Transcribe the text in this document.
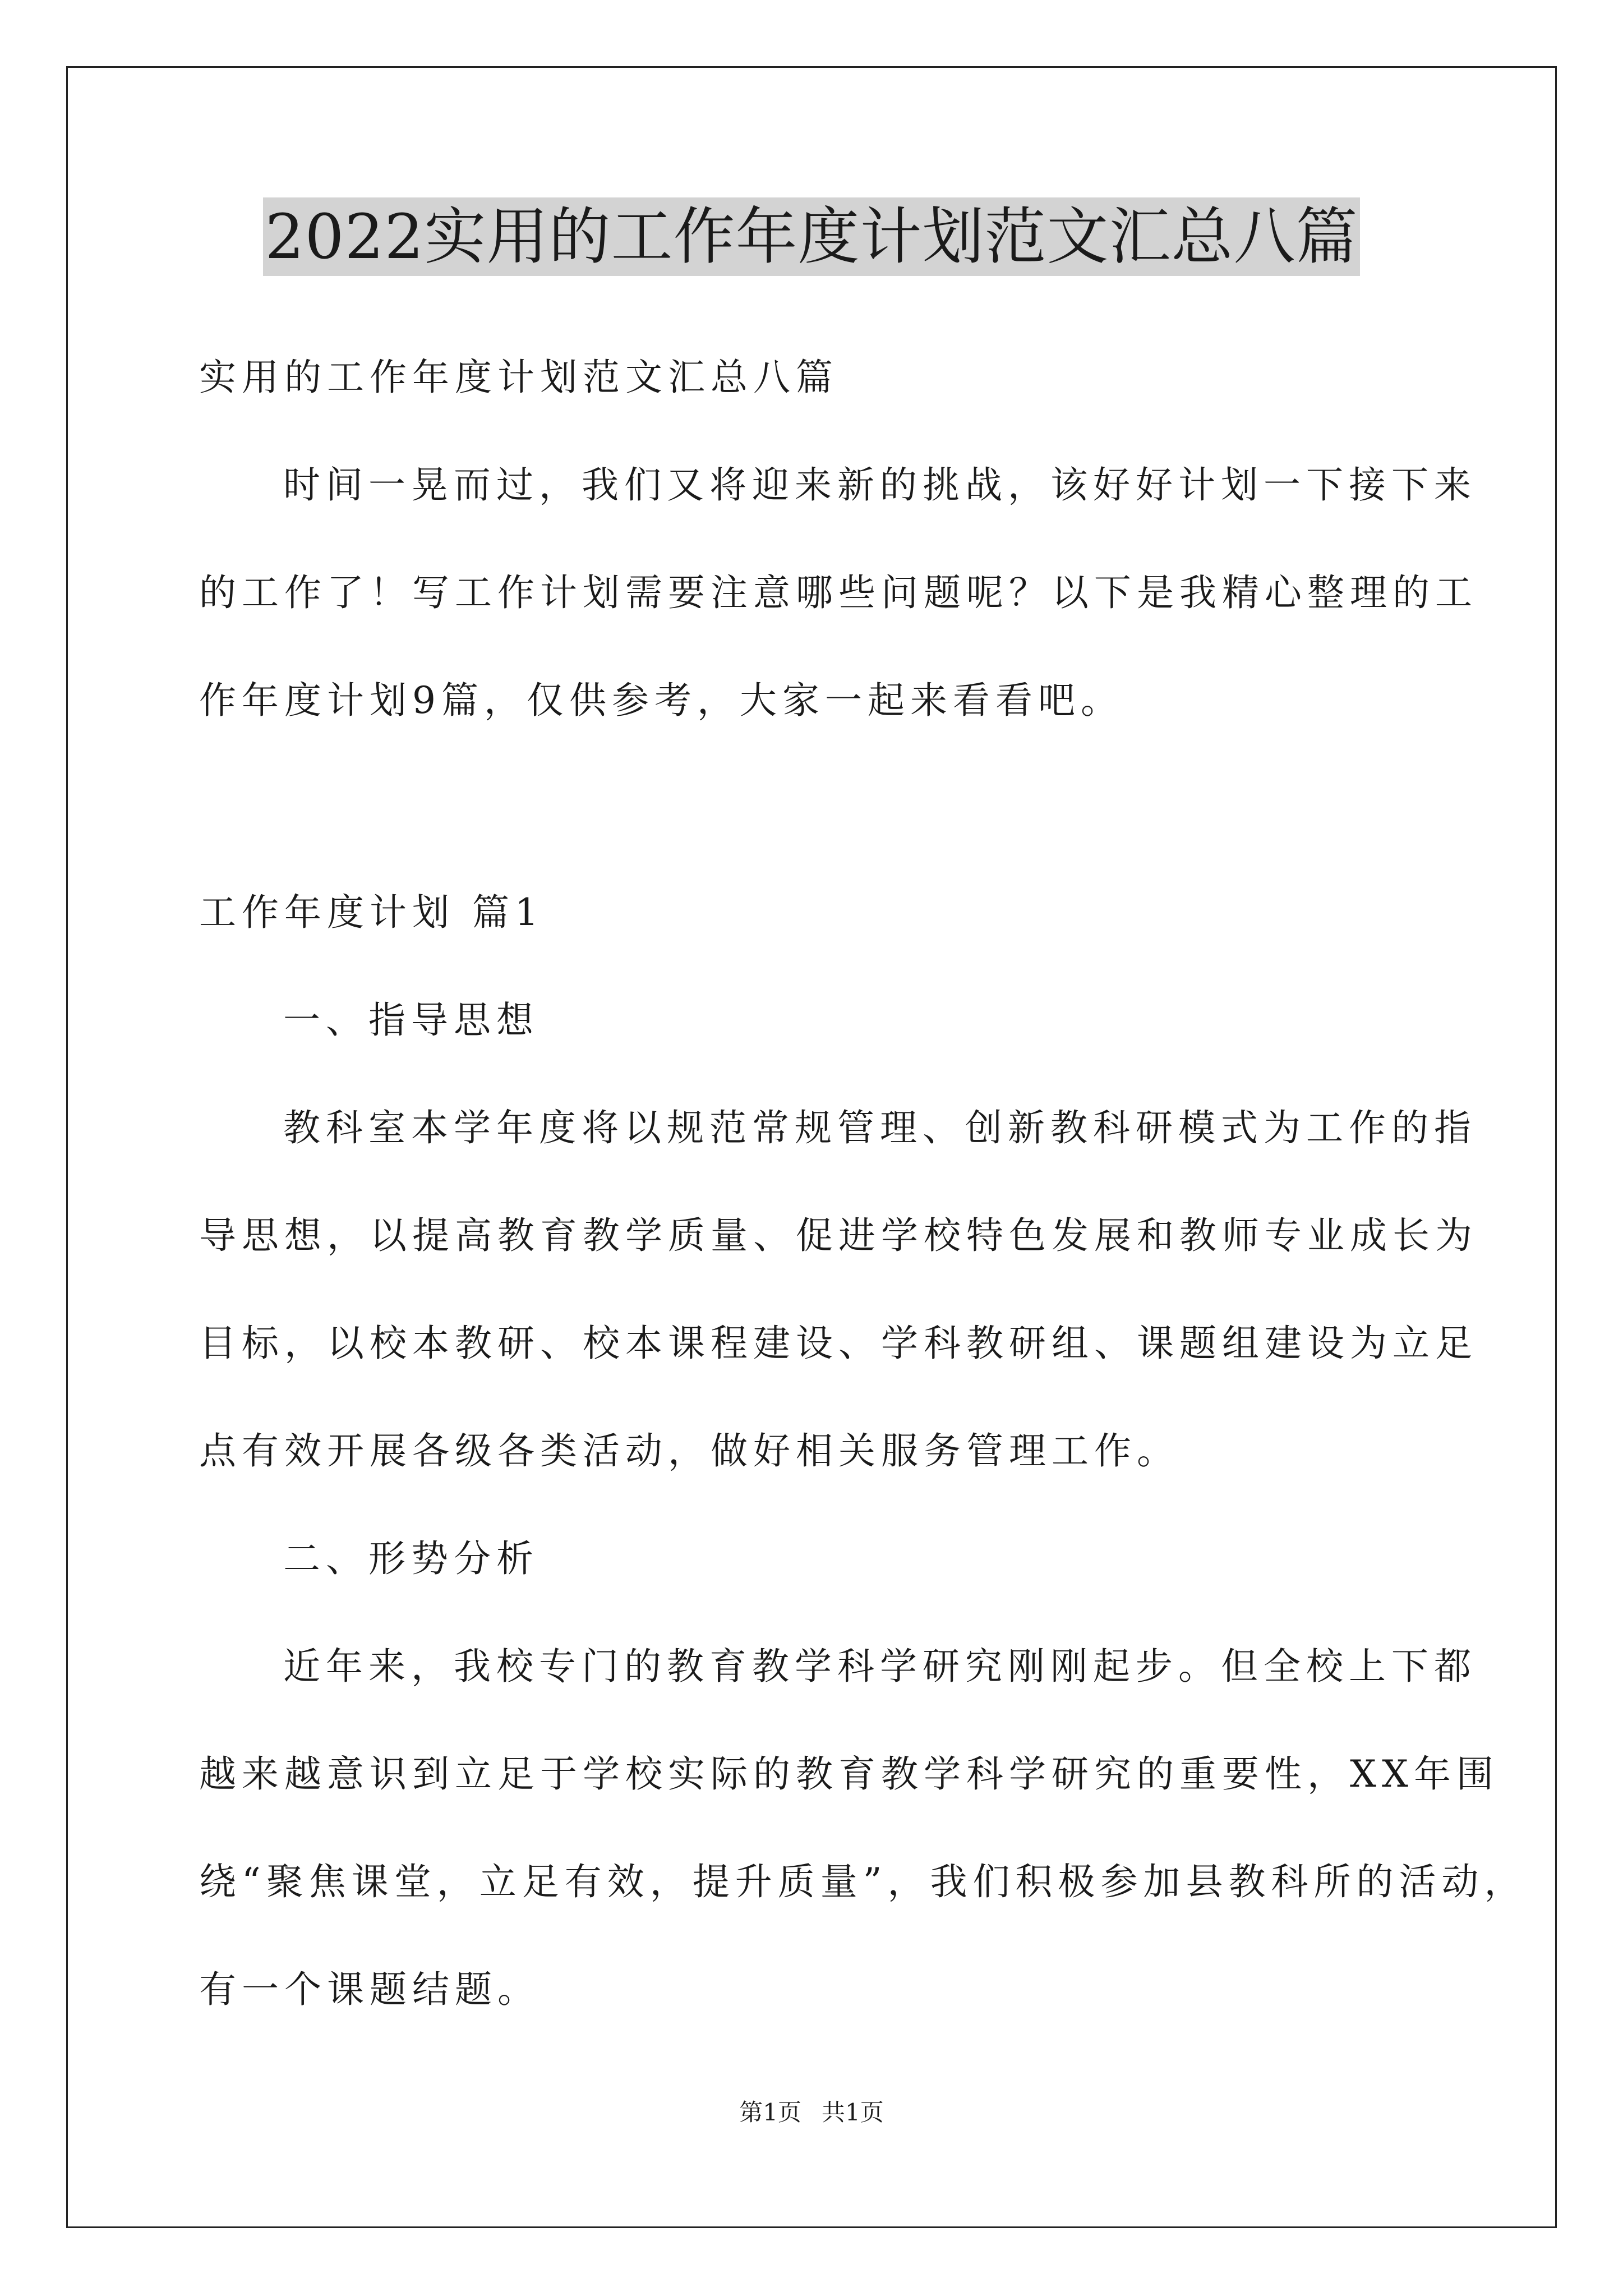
2022实用的工作年度计划范文汇总八篇
实用的工作年度计划范文汇总八篇
时间一晃而过，我们又将迎来新的挑战，该好好计划一下接下来
的工作了！写工作计划需要注意哪些问题呢？以下是我精心整理的工
作年度计划9篇，仅供参考，大家一起来看看吧。
工作年度计划 篇1
一、指导思想
教科室本学年度将以规范常规管理、创新教科研模式为工作的指
导思想，以提高教育教学质量、促进学校特色发展和教师专业成长为
目标，以校本教研、校本课程建设、学科教研组、课题组建设为立足
点有效开展各级各类活动，做好相关服务管理工作。
二、形势分析
近年来，我校专门的教育教学科学研究刚刚起步。但全校上下都
越来越意识到立足于学校实际的教育教学科学研究的重要性，XX年围
绕“聚焦课堂，立足有效，提升质量”，我们积极参加县教科所的活动，
有一个课题结题。
第1页 共1页
